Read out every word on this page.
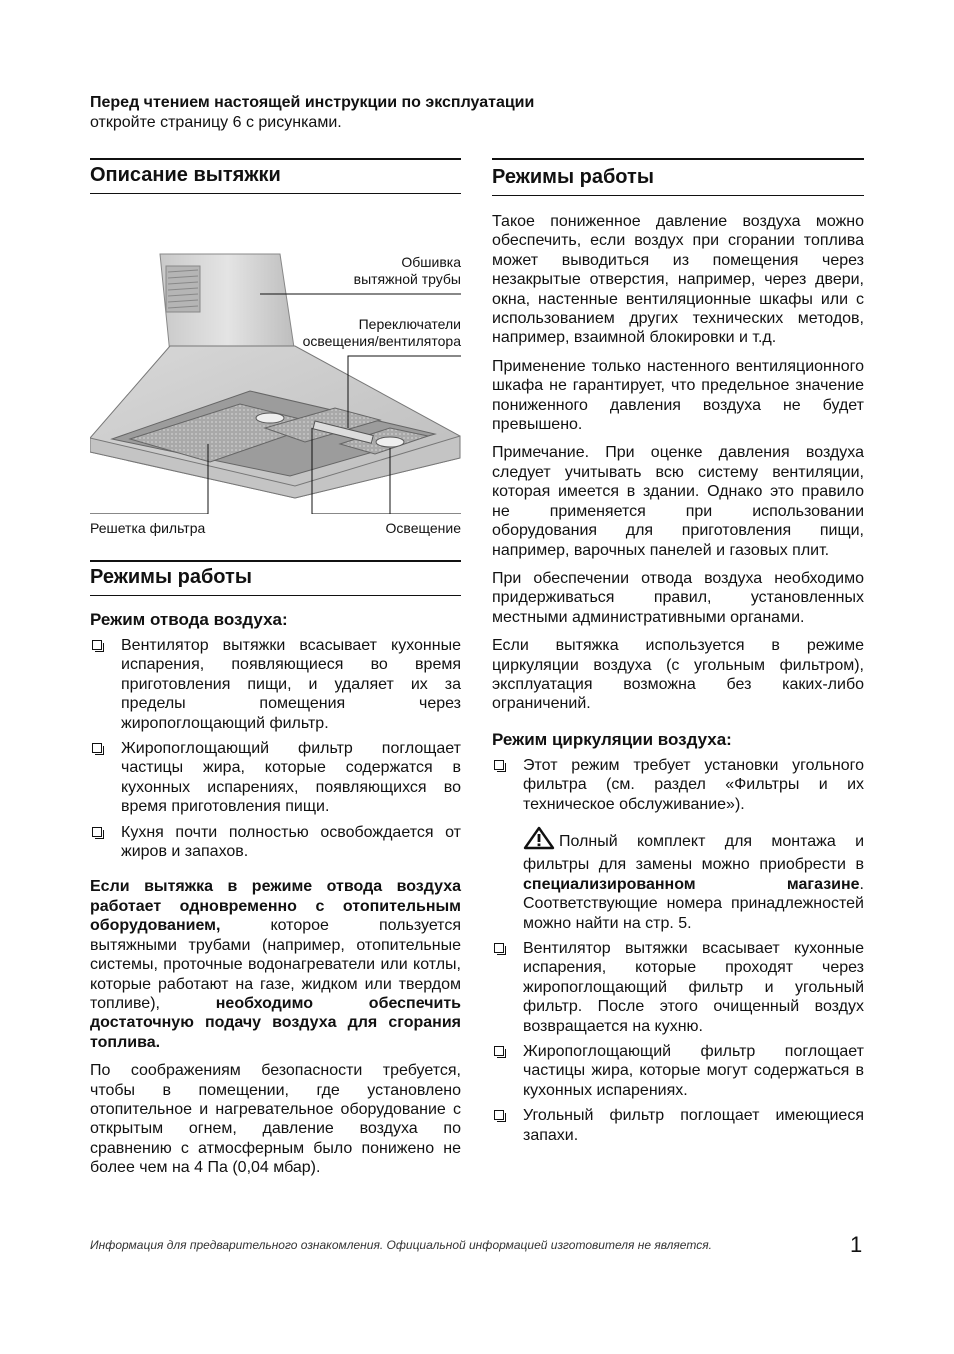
Перед чтением настоящей инструкции по эксплуатации
откройте страницу 6 с рисунками.
Описание вытяжки
Обшивка
вытяжной трубы
Переключатели
освещения/вентилятора
Решетка фильтра	Освещение
Режимы работы
Режим отвода воздуха:
Вентилятор вытяжки всасывает кухонные испарения, появляющиеся во время приготовления пищи, и удаляет их за пределы помещения через жиропоглощающий фильтр.
Жиропоглощающий фильтр поглощает частицы жира, которые содержатся в кухонных испарениях, появляющихся во время приготовления пищи.
Кухня почти полностью освобождается от жиров и запахов.

Если вытяжка в режиме отвода воздуха работает одновременно с отопительным оборудованием, которое пользуется вытяжными трубами (например, отопительные системы, проточные водонагреватели или котлы, которые работают на газе, жидком или твердом топливе), необходимо обеспечить достаточную подачу воздуха для сгорания топлива.

По соображениям безопасности требуется, чтобы в помещении, где установлено отопительное и нагревательное оборудование с открытым огнем, давление воздуха по сравнению с атмосферным было понижено не более чем на 4 Па (0,04 мбар).

Режимы работы

Такое пониженное давление воздуха можно обеспечить, если воздух при сгорании топлива может выводиться из помещения через незакрытые отверстия, например, через двери, окна, настенные вентиляционные шкафы или с использованием других технических методов, например, взаимной блокировки и т.д.

Применение только настенного вентиляционного шкафа не гарантирует, что предельное значение пониженного давления воздуха не будет превышено.

Примечание. При оценке давления воздуха следует учитывать всю систему вентиляции, которая имеется в здании. Однако это правило не применяется при использовании оборудования для приготовления пищи, например, варочных панелей и газовых плит.

При обеспечении отвода воздуха необходимо придерживаться правил, установленных местными административными органами.

Если вытяжка используется в режиме циркуляции воздуха (с угольным фильтром), эксплуатация возможна без каких-либо ограничений.

Режим циркуляции воздуха:
Этот режим требует установки угольного фильтра (см. раздел «Фильтры и их техническое обслуживание»).
Полный комплект для монтажа и фильтры для замены можно приобрести в специализированном магазине. Соответствующие номера принадлежностей можно найти на стр. 5.
Вентилятор вытяжки всасывает кухонные испарения, которые проходят через жиропоглощающий фильтр и угольный фильтр. После этого очищенный воздух возвращается на кухню.
Жиропоглощающий фильтр поглощает частицы жира, которые могут содержаться в кухонных испарениях.
Угольный фильтр поглощает имеющиеся запахи.
Информация для предварительного ознакомления. Официальной информацией изготовителя не является.	1
